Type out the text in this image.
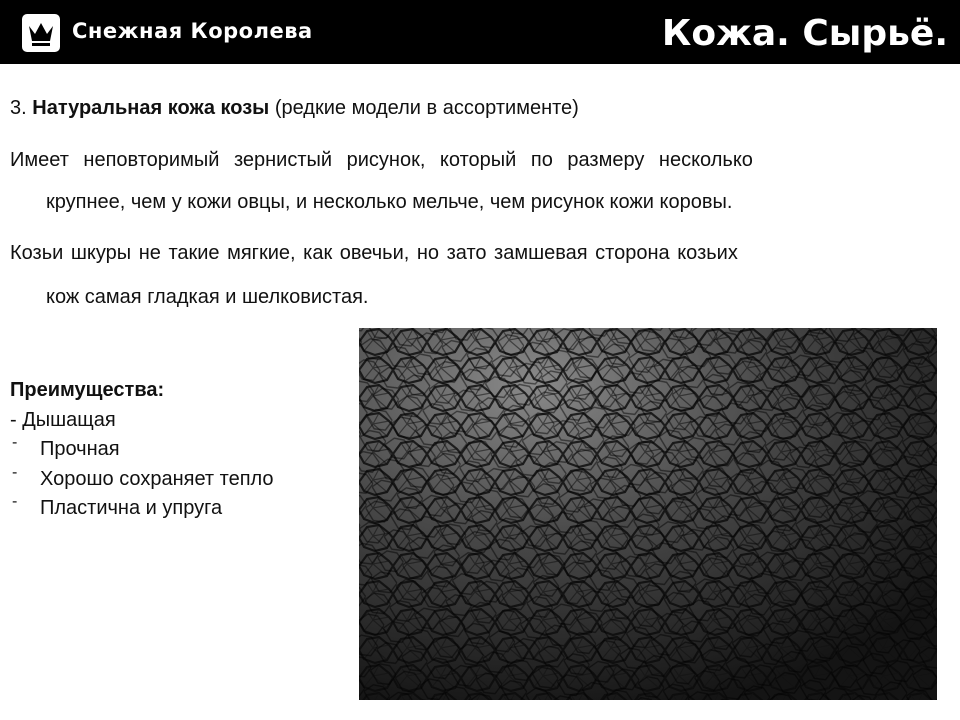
Снежная Королева	Кожа. Сырьё.
3. Натуральная кожа козы (редкие модели в ассортименте)
Имеет неповторимый зернистый рисунок, который по размеру несколько
крупнее, чем у кожи овцы, и несколько мельче, чем рисунок кожи коровы.
Козьи шкуры не такие мягкие, как овечьи, но зато замшевая сторона козьих
кож самая гладкая и шелковистая.
Преимущества:
- Дышащая
- Прочная
- Хорошо сохраняет тепло
- Пластична и упруга
